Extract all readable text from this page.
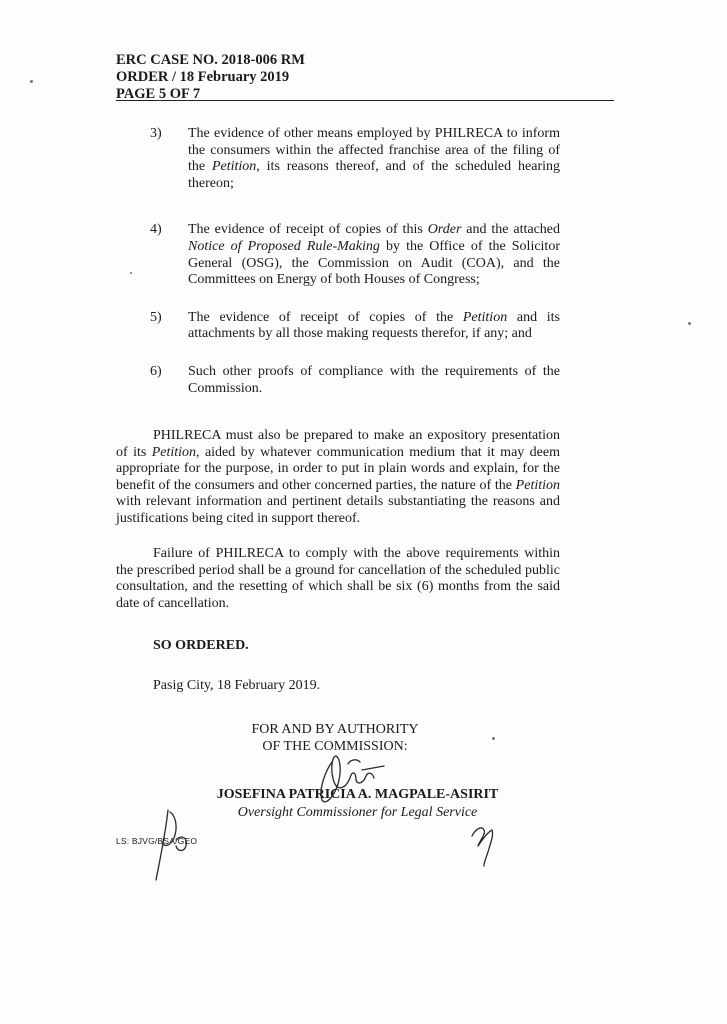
ERC CASE NO. 2018-006 RM
ORDER / 18 February 2019
PAGE 5 OF 7
3) The evidence of other means employed by PHILRECA to inform the consumers within the affected franchise area of the filing of the Petition, its reasons thereof, and of the scheduled hearing thereon;
4) The evidence of receipt of copies of this Order and the attached Notice of Proposed Rule-Making by the Office of the Solicitor General (OSG), the Commission on Audit (COA), and the Committees on Energy of both Houses of Congress;
5) The evidence of receipt of copies of the Petition and its attachments by all those making requests therefor, if any; and
6) Such other proofs of compliance with the requirements of the Commission.

PHILRECA must also be prepared to make an expository presentation of its Petition, aided by whatever communication medium that it may deem appropriate for the purpose, in order to put in plain words and explain, for the benefit of the consumers and other concerned parties, the nature of the Petition with relevant information and pertinent details substantiating the reasons and justifications being cited in support thereof.

Failure of PHILRECA to comply with the above requirements within the prescribed period shall be a ground for cancellation of the scheduled public consultation, and the resetting of which shall be six (6) months from the said date of cancellation.

SO ORDERED.
Pasig City, 18 February 2019.
FOR AND BY AUTHORITY
OF THE COMMISSION:
JOSEFINA PATRICIA A. MAGPALE-ASIRIT
Oversight Commissioner for Legal Service
LS: BJVG/BSA/GEO
